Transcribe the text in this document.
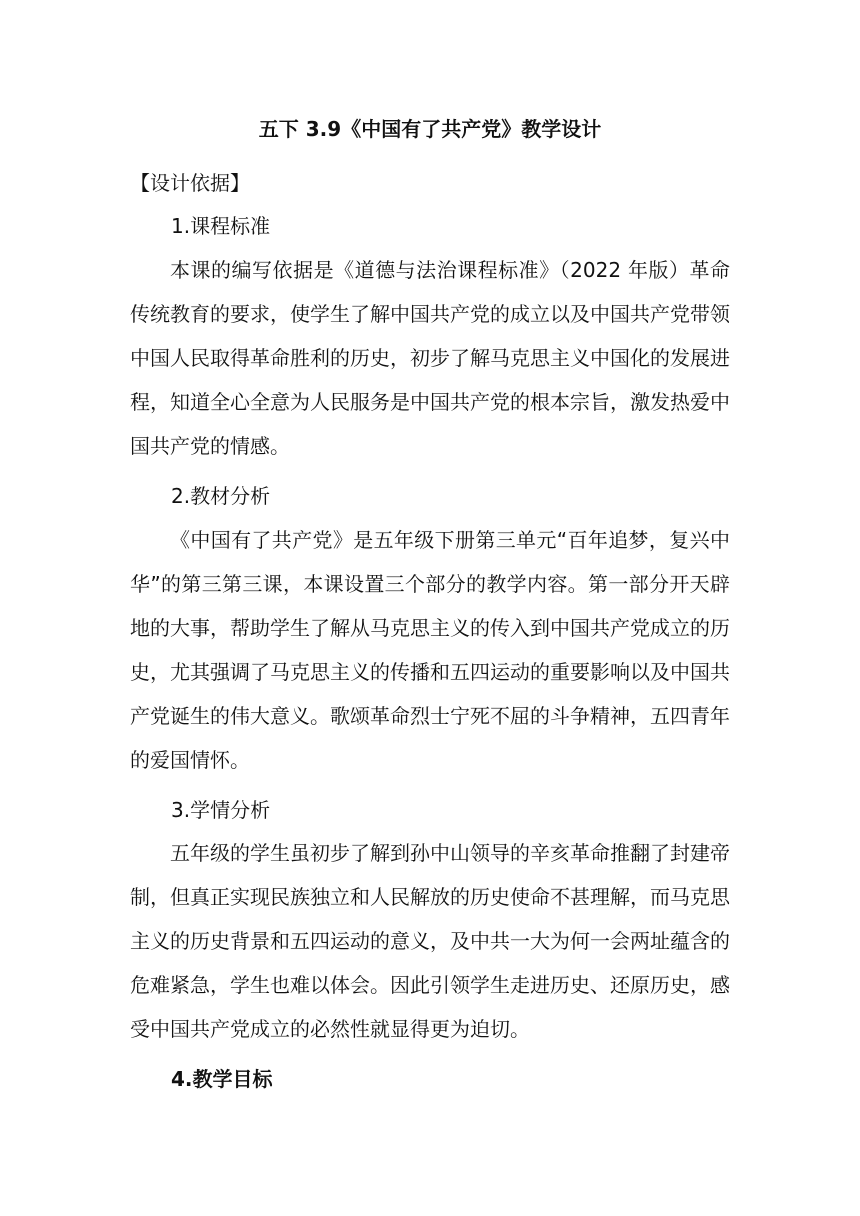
五下 3.9《中国有了共产党》教学设计

【设计依据】

1.课程标准

本课的编写依据是《道德与法治课程标准》（2022 年版）革命传统教育的要求，使学生了解中国共产党的成立以及中国共产党带领中国人民取得革命胜利的历史，初步了解马克思主义中国化的发展进程，知道全心全意为人民服务是中国共产党的根本宗旨，激发热爱中国共产党的情感。

2.教材分析

《中国有了共产党》是五年级下册第三单元“百年追梦，复兴中华”的第三第三课，本课设置三个部分的教学内容。第一部分开天辟地的大事，帮助学生了解从马克思主义的传入到中国共产党成立的历史，尤其强调了马克思主义的传播和五四运动的重要影响以及中国共产党诞生的伟大意义。歌颂革命烈士宁死不屈的斗争精神，五四青年的爱国情怀。

3.学情分析

五年级的学生虽初步了解到孙中山领导的辛亥革命推翻了封建帝制，但真正实现民族独立和人民解放的历史使命不甚理解，而马克思主义的历史背景和五四运动的意义，及中共一大为何一会两址蕴含的危难紧急，学生也难以体会。因此引领学生走进历史、还原历史，感受中国共产党成立的必然性就显得更为迫切。

4.教学目标
